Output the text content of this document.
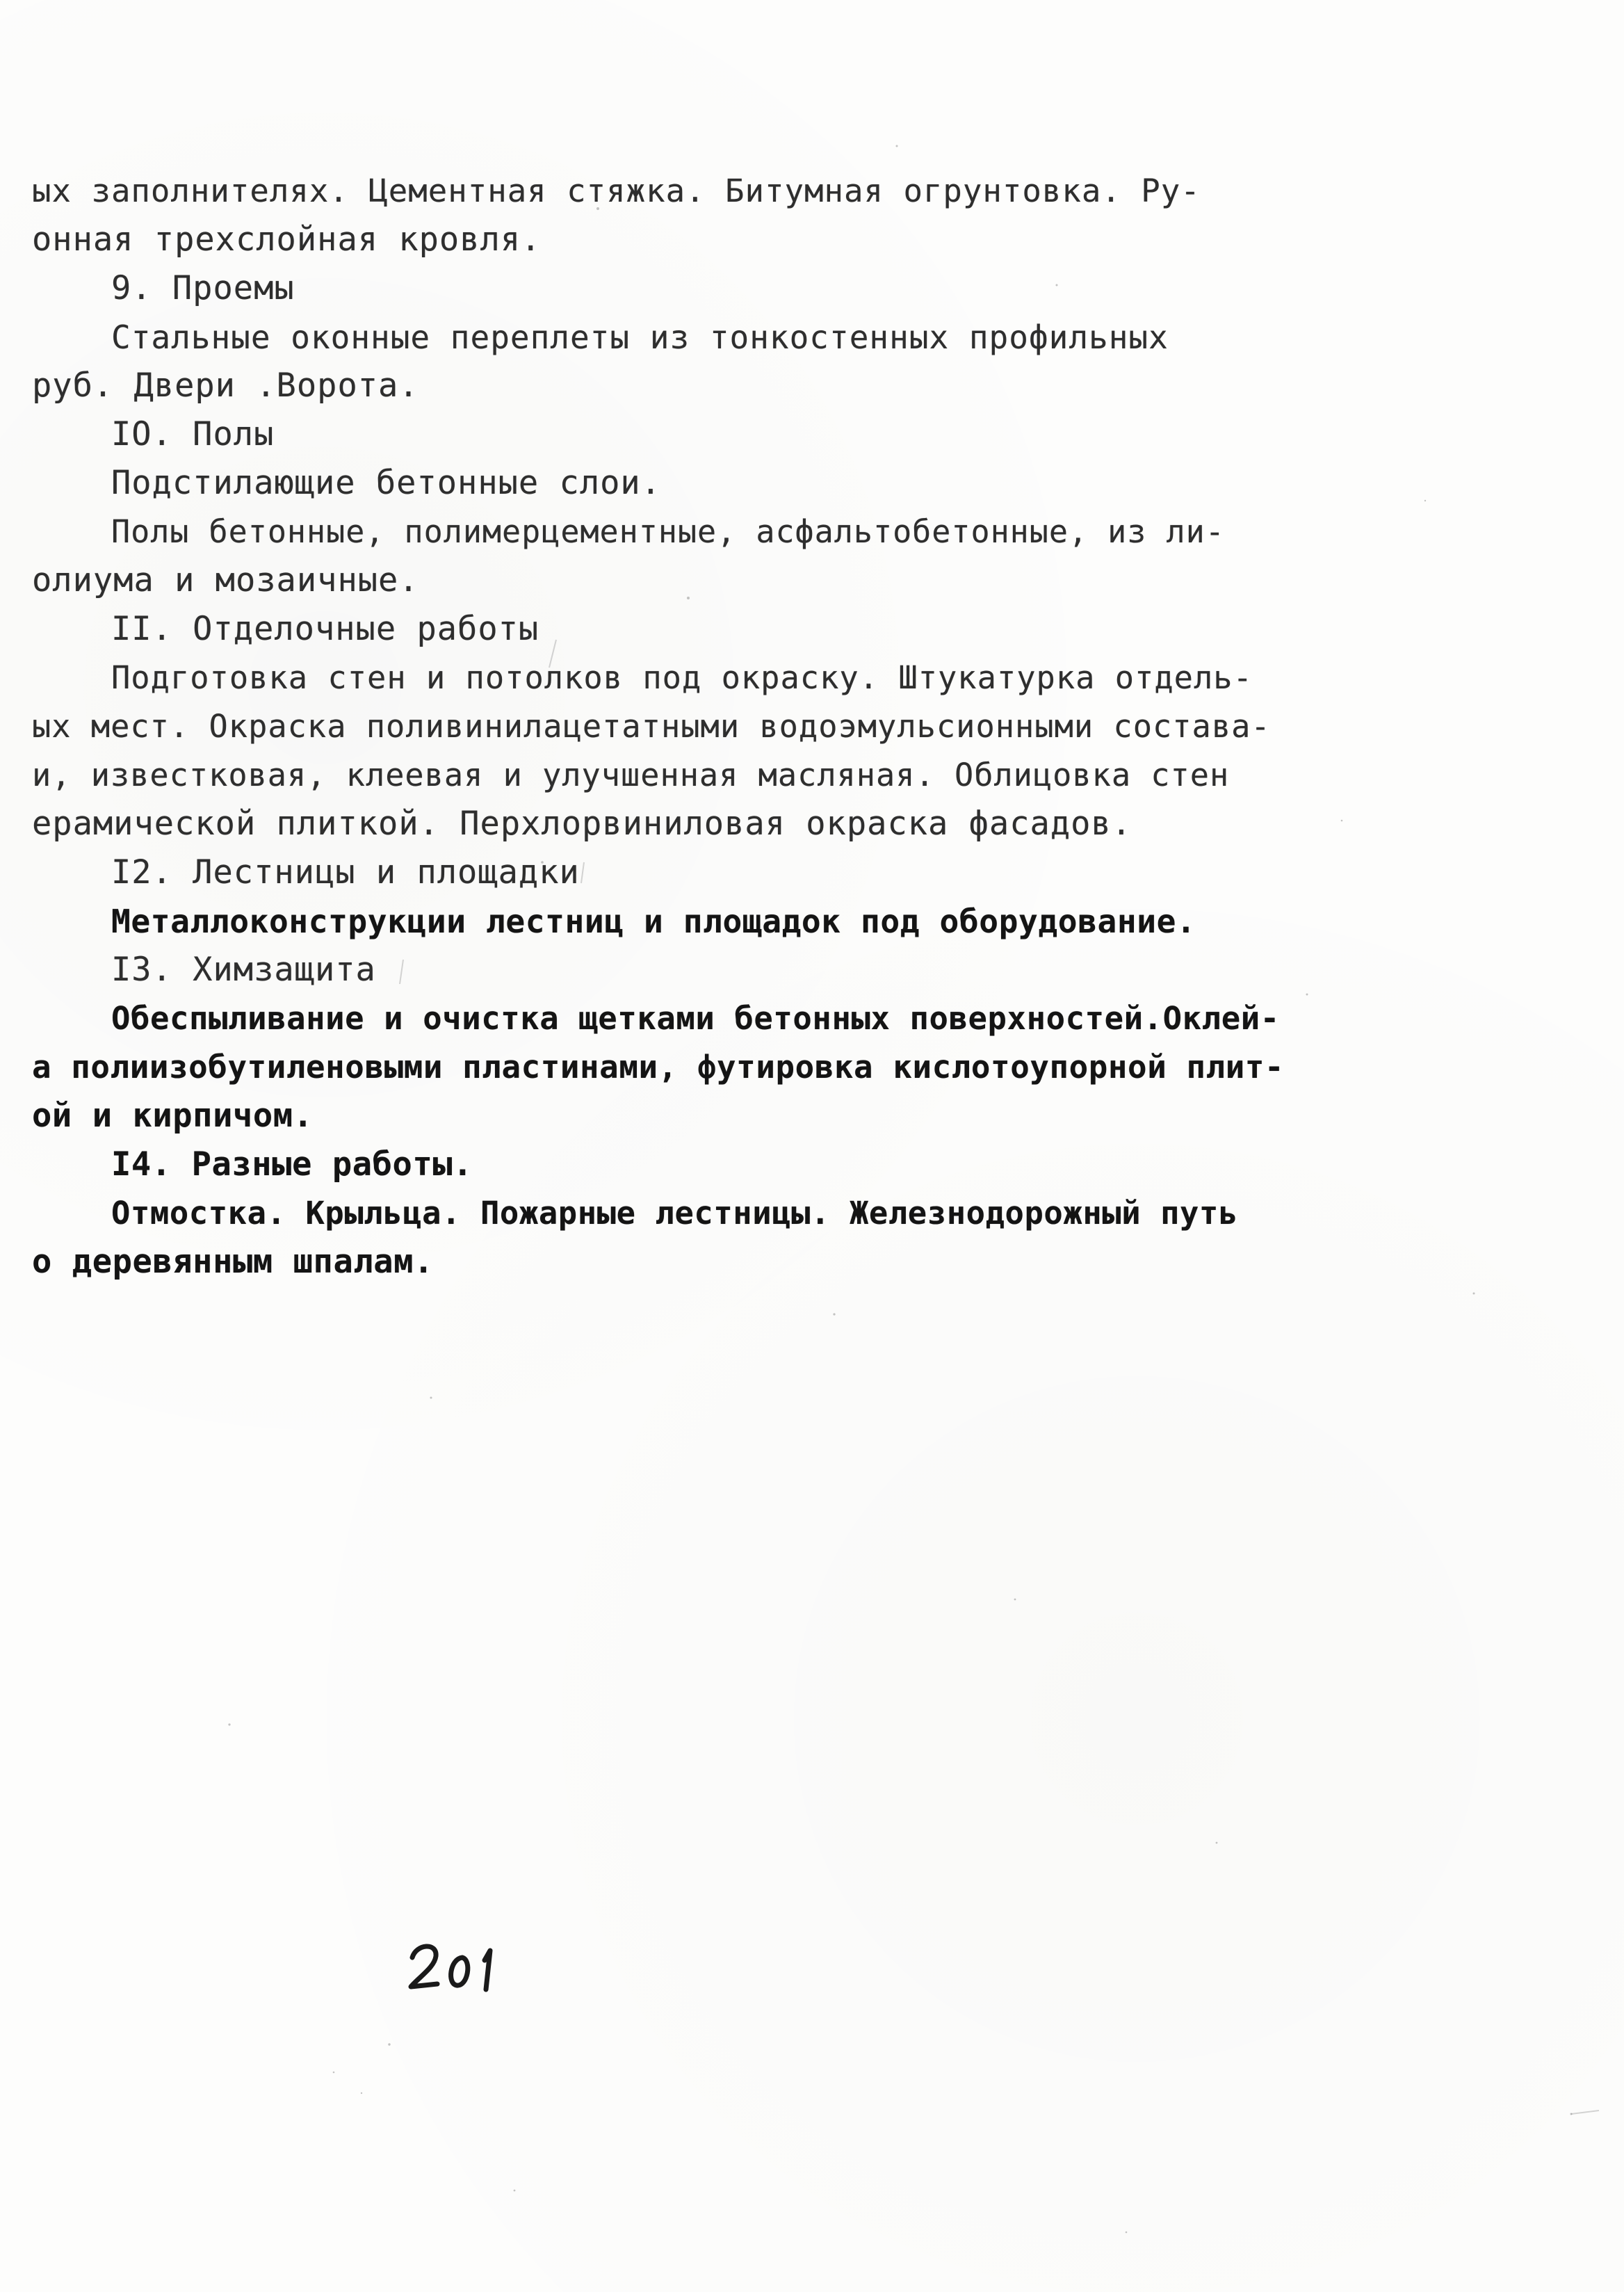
ых заполнителях. Цементная стяжка. Битумная огрунтовка. Ру-
онная трехслойная кровля.
9. Проемы
Стальные оконные переплеты из тонкостенных профильных
руб. Двери .Ворота.
IO. Полы
Подстилающие бетонные слои.
Полы бетонные, полимерцементные, асфальтобетонные, из ли-
олиума и мозаичные.
II. Отделочные работы
Подготовка стен и потолков под окраску. Штукатурка отдель-
ых мест. Окраска поливинилацетатными водоэмульсионными состава-
и, известковая, клеевая и улучшенная масляная. Облицовка стен
ерамической плиткой. Перхлорвиниловая окраска фасадов.
I2. Лестницы и площадки
Металлоконструкции лестниц и площадок под оборудование.
I3. Химзащита
Обеспыливание и очистка щетками бетонных поверхностей.Оклей-
а полиизобутиленовыми пластинами, футировка кислотоупорной плит-
ой и кирпичом.
I4. Разные работы.
Отмостка. Крыльца. Пожарные лестницы. Железнодорожный путь
о деревянным шпалам.
